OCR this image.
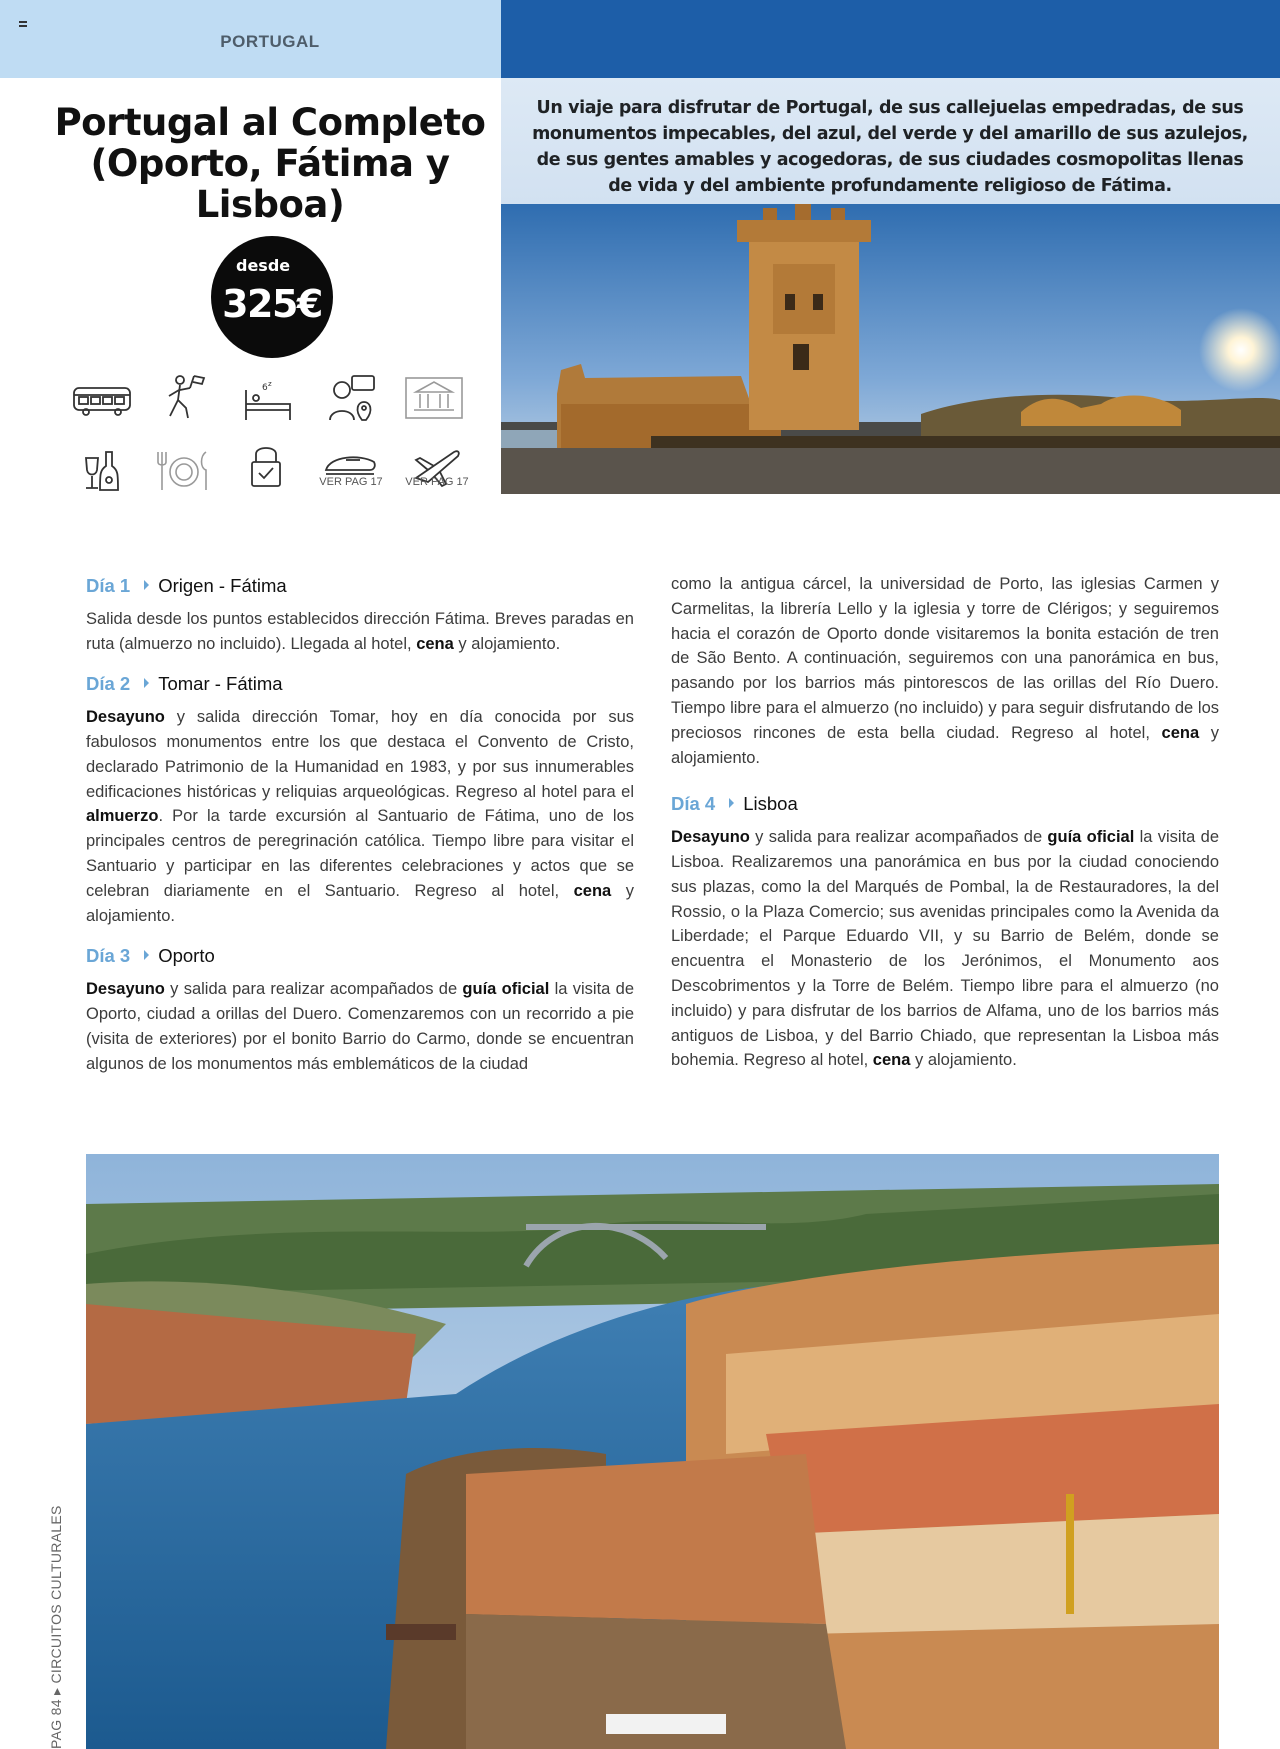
PORTUGAL
Portugal al Completo
(Oporto, Fátima y
Lisboa)
desde
325€
6 z
VER PAG 17	VER PAG 17
Un viaje para disfrutar de Portugal, de sus callejuelas empedradas, de sus monumentos impecables, del azul, del verde y del amarillo de sus azulejos, de sus gentes amables y acogedoras, de sus ciudades cosmopolitas llenas de vida y del ambiente profundamente religioso de Fátima.
Día 1 Origen - Fátima
Salida desde los puntos establecidos dirección Fátima. Breves paradas en ruta (almuerzo no incluido). Llegada al hotel, cena y alojamiento.
Día 2 Tomar - Fátima
Desayuno y salida dirección Tomar, hoy en día conocida por sus fabulosos monumentos entre los que destaca el Convento de Cristo, declarado Patrimonio de la Humanidad en 1983, y por sus innumerables edificaciones históricas y reliquias arqueológicas. Regreso al hotel para el almuerzo. Por la tarde excursión al Santuario de Fátima, uno de los principales centros de peregrinación católica. Tiempo libre para visitar el Santuario y participar en las diferentes celebraciones y actos que se celebran diariamente en el Santuario. Regreso al hotel, cena y alojamiento.
Día 3 Oporto
Desayuno y salida para realizar acompañados de guía oficial la visita de Oporto, ciudad a orillas del Duero. Comenzaremos con un recorrido a pie (visita de exteriores) por el bonito Barrio do Carmo, donde se encuentran algunos de los monumentos más emblemáticos de la ciudad
como la antigua cárcel, la universidad de Porto, las iglesias Carmen y Carmelitas, la librería Lello y la iglesia y torre de Clérigos; y seguiremos hacia el corazón de Oporto donde visitaremos la bonita estación de tren de São Bento. A continuación, seguiremos con una panorámica en bus, pasando por los barrios más pintorescos de las orillas del Río Duero. Tiempo libre para el almuerzo (no incluido) y para seguir disfrutando de los preciosos rincones de esta bella ciudad. Regreso al hotel, cena y alojamiento.
Día 4 Lisboa
Desayuno y salida para realizar acompañados de guía oficial la visita de Lisboa. Realizaremos una panorámica en bus por la ciudad conociendo sus plazas, como la del Marqués de Pombal, la de Restauradores, la del Rossio, o la Plaza Comercio; sus avenidas principales como la Avenida da Liberdade; el Parque Eduardo VII, y su Barrio de Belém, donde se encuentra el Monasterio de los Jerónimos, el Monumento aos Descobrimentos y la Torre de Belém. Tiempo libre para el almuerzo (no incluido) y para disfrutar de los barrios de Alfama, uno de los barrios más antiguos de Lisboa, y del Barrio Chiado, que representan la Lisboa más bohemia. Regreso al hotel, cena y alojamiento.
PAG 84 ▸ CIRCUITOS CULTURALES
